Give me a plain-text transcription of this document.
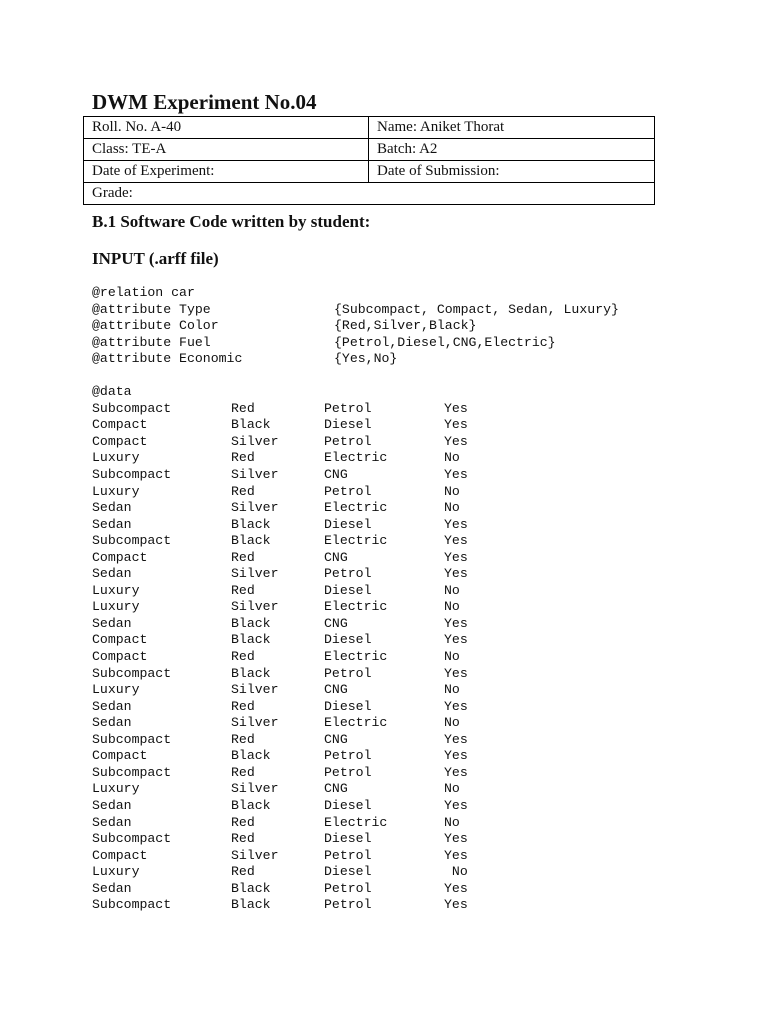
DWM Experiment No.04
Roll. No. A-40	Name: Aniket Thorat
Class: TE-A	Batch: A2
Date of Experiment:	Date of Submission:
Grade:	
B.1 Software Code written by student:
INPUT (.arff file)
@relation car
@attribute Type	{Subcompact, Compact, Sedan, Luxury}
@attribute Color	{Red,Silver,Black}
@attribute Fuel	{Petrol,Diesel,CNG,Electric}
@attribute Economic	{Yes,No}
@data
Subcompact	Red	Petrol	Yes
Compact	Black	Diesel	Yes
Compact	Silver	Petrol	Yes
Luxury	Red	Electric	No
Subcompact	Silver	CNG	Yes
Luxury	Red	Petrol	No
Sedan	Silver	Electric	No
Sedan	Black	Diesel	Yes
Subcompact	Black	Electric	Yes
Compact	Red	CNG	Yes
Sedan	Silver	Petrol	Yes
Luxury	Red	Diesel	No
Luxury	Silver	Electric	No
Sedan	Black	CNG	Yes
Compact	Black	Diesel	Yes
Compact	Red	Electric	No
Subcompact	Black	Petrol	Yes
Luxury	Silver	CNG	No
Sedan	Red	Diesel	Yes
Sedan	Silver	Electric	No
Subcompact	Red	CNG	Yes
Compact	Black	Petrol	Yes
Subcompact	Red	Petrol	Yes
Luxury	Silver	CNG	No
Sedan	Black	Diesel	Yes
Sedan	Red	Electric	No
Subcompact	Red	Diesel	Yes
Compact	Silver	Petrol	Yes
Luxury	Red	Diesel	No
Sedan	Black	Petrol	Yes
Subcompact	Black	Petrol	Yes
